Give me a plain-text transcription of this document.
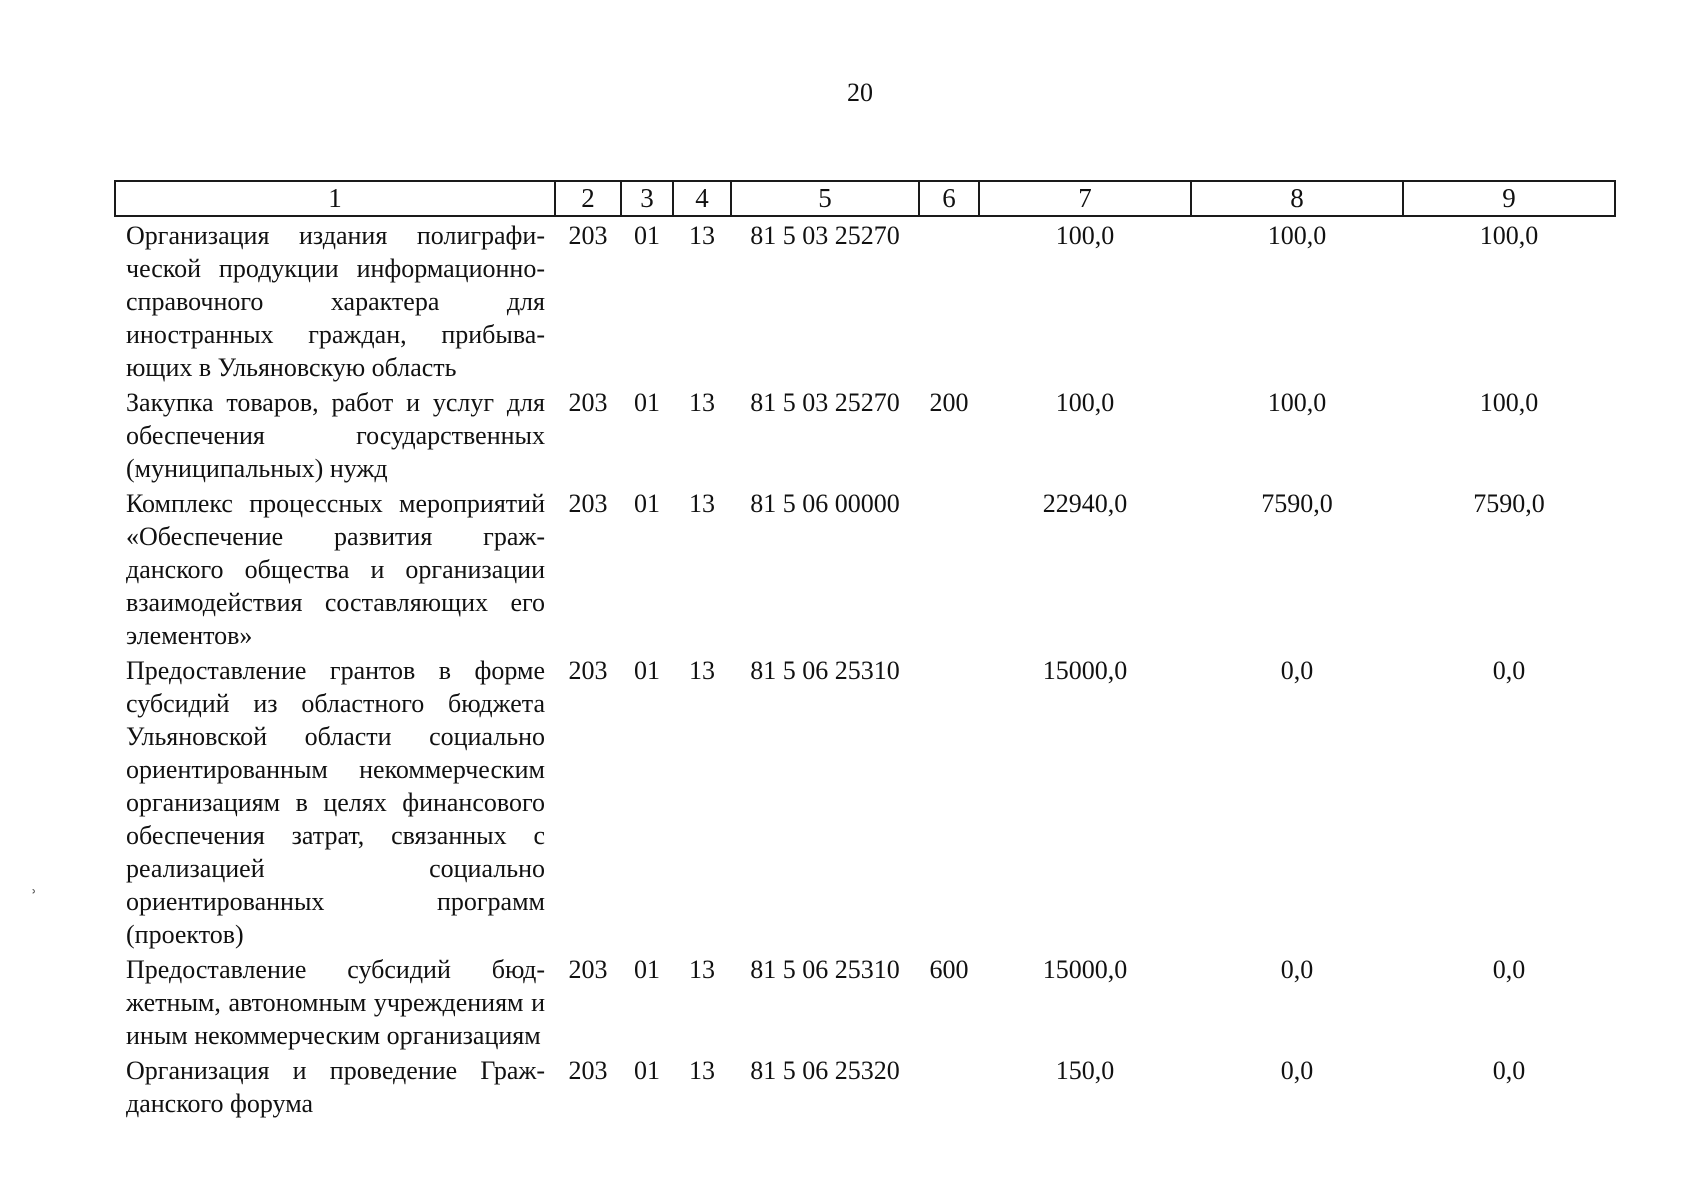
20
1	2	3	4	5	6	7	8	9
Организация издания полиграфической продукции информационно-справочного характера для иностранных граждан, прибывающих в Ульяновскую область	203	01	13	81 5 03 25270		100,0	100,0	100,0
Закупка товаров, работ и услуг для обеспечения государственных (муниципальных) нужд	203	01	13	81 5 03 25270	200	100,0	100,0	100,0
Комплекс процессных мероприятий «Обеспечение развития гражданского общества и организации взаимодействия составляющих его элементов»	203	01	13	81 5 06 00000		22940,0	7590,0	7590,0
Предоставление грантов в форме субсидий из областного бюджета Ульяновской области социально ориентированным некоммерческим организациям в целях финансового обеспечения затрат, связанных с реализацией социально ориентированных программ (проектов)	203	01	13	81 5 06 25310		15000,0	0,0	0,0
Предоставление субсидий бюджетным, автономным учреждениям и иным некоммерческим организациям	203	01	13	81 5 06 25310	600	15000,0	0,0	0,0
Организация и проведение Гражданского форума	203	01	13	81 5 06 25320		150,0	0,0	0,0
ʾ
